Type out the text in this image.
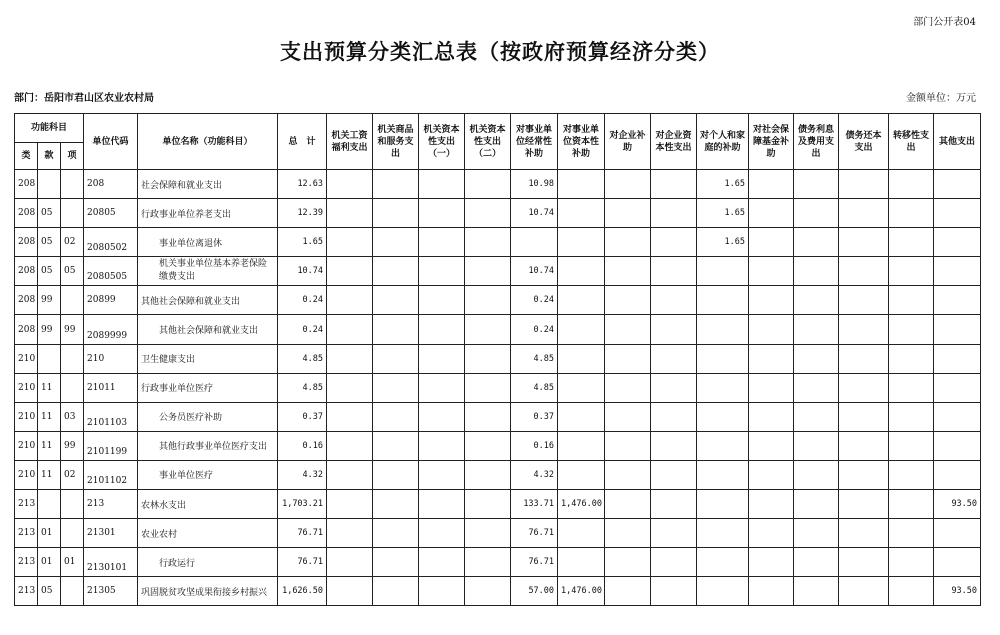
部门公开表04
支出预算分类汇总表（按政府预算经济分类）
部门：岳阳市君山区农业农村局	金额单位：万元
功能科目			单位代码	单位名称（功能科目）	总　计	机关工资福利支出	机关商品和服务支出	机关资本性支出（一）	机关资本性支出（二）	对事业单位经常性补助	对事业单位资本性补助	对企业补助	对企业资本性支出	对个人和家庭的补助	对社会保障基金补助	债务利息及费用支出	债务还本支出	转移性支出	其他支出
类	款	项																	
208			208	社会保障和就业支出	12.63					10.98				1.65					
208	05		20805	行政事业单位养老支出	12.39					10.74				1.65					
208	05	02	2080502	事业单位离退休	1.65									1.65					
208	05	05	2080505	机关事业单位基本养老保险缴费支出	10.74					10.74									
208	99		20899	其他社会保障和就业支出	0.24					0.24									
208	99	99	2089999	其他社会保障和就业支出	0.24					0.24									
210			210	卫生健康支出	4.85					4.85									
210	11		21011	行政事业单位医疗	4.85					4.85									
210	11	03	2101103	公务员医疗补助	0.37					0.37									
210	11	99	2101199	其他行政事业单位医疗支出	0.16					0.16									
210	11	02	2101102	事业单位医疗	4.32					4.32									
213			213	农林水支出	1,703.21					133.71	1,476.00								93.50
213	01		21301	农业农村	76.71					76.71									
213	01	01	2130101	行政运行	76.71					76.71									
213	05		21305	巩固脱贫攻坚成果衔接乡村振兴	1,626.50					57.00	1,476.00								93.50
